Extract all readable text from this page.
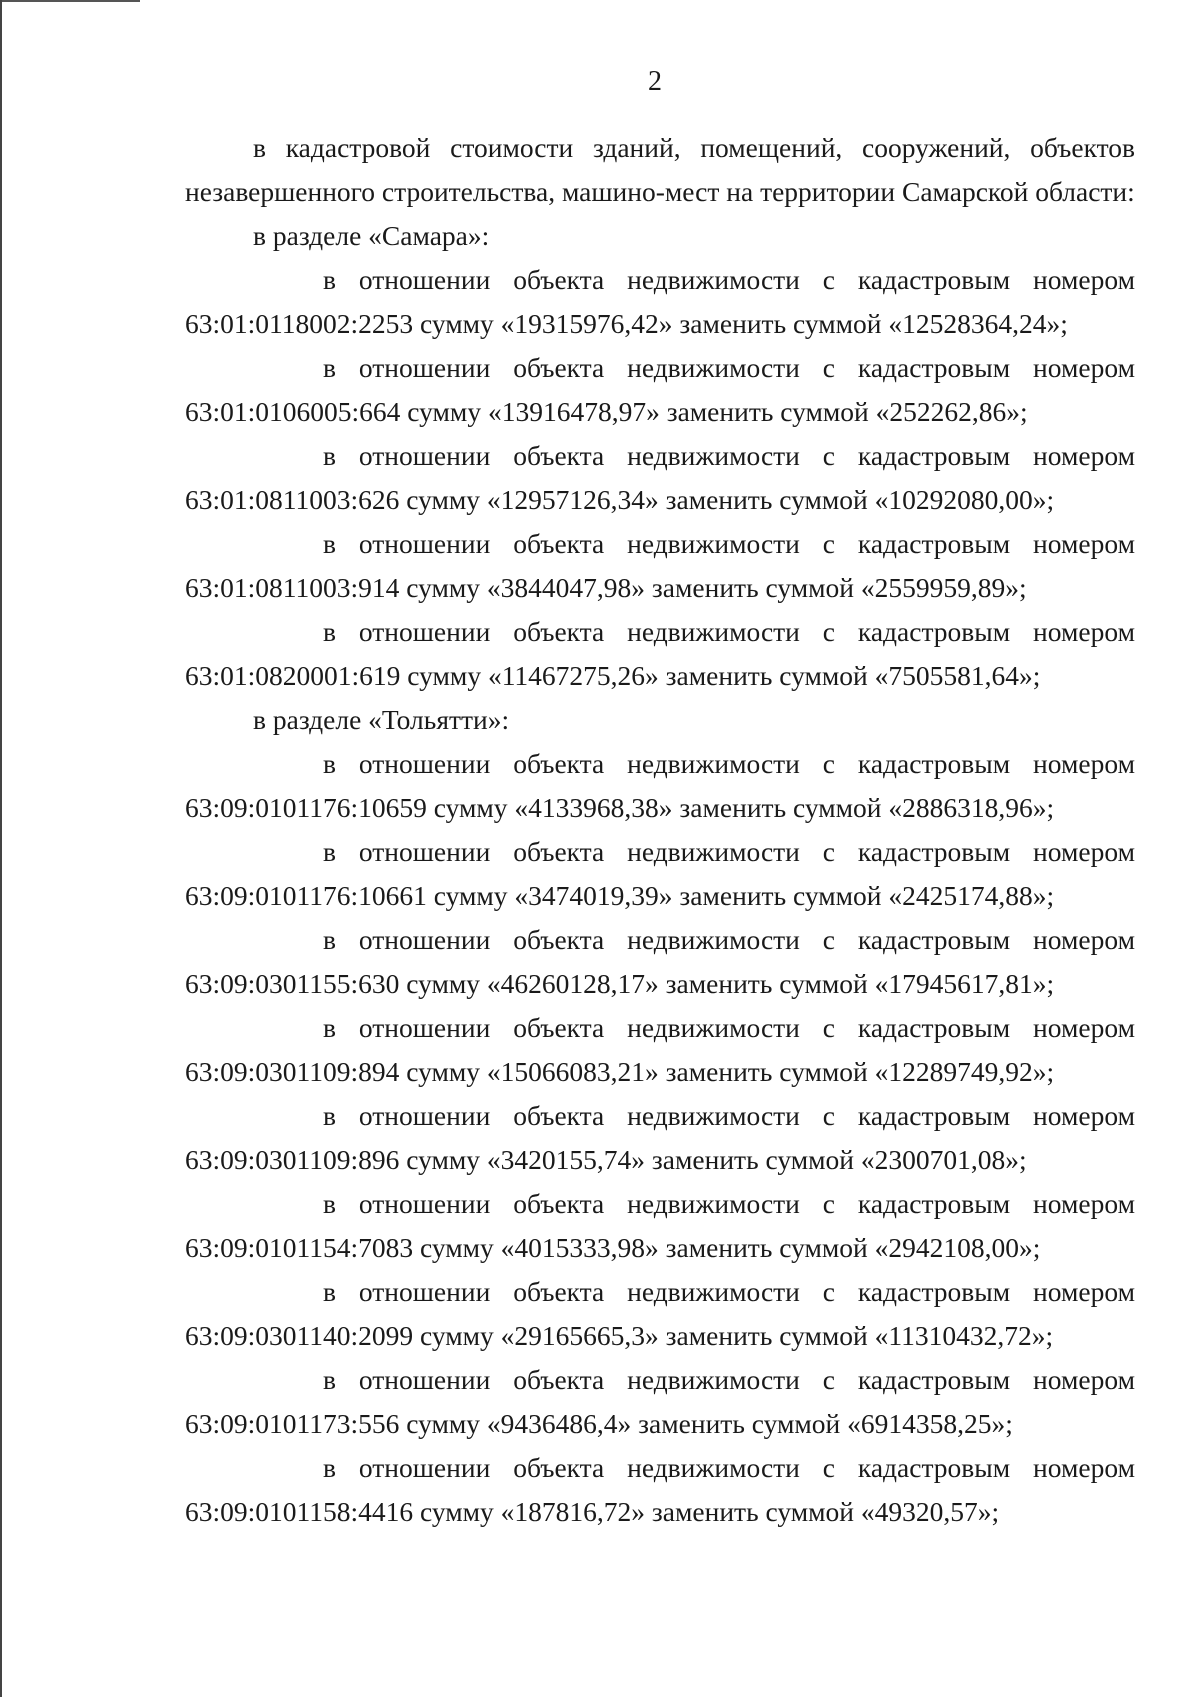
2

в кадастровой стоимости зданий, помещений, сооружений, объектов незавершенного строительства, машино-мест на территории Самарской области:

в разделе «Самара»:

в отношении объекта недвижимости с кадастровым номером
63:01:0118002:2253 сумму «19315976,42» заменить суммой «12528364,24»;

в отношении объекта недвижимости с кадастровым номером
63:01:0106005:664 сумму «13916478,97» заменить суммой «252262,86»;

в отношении объекта недвижимости с кадастровым номером
63:01:0811003:626 сумму «12957126,34» заменить суммой «10292080,00»;

в отношении объекта недвижимости с кадастровым номером
63:01:0811003:914 сумму «3844047,98» заменить суммой «2559959,89»;

в отношении объекта недвижимости с кадастровым номером
63:01:0820001:619 сумму «11467275,26» заменить суммой «7505581,64»;

в разделе «Тольятти»:

в отношении объекта недвижимости с кадастровым номером
63:09:0101176:10659 сумму «4133968,38» заменить суммой «2886318,96»;

в отношении объекта недвижимости с кадастровым номером
63:09:0101176:10661 сумму «3474019,39» заменить суммой «2425174,88»;

в отношении объекта недвижимости с кадастровым номером
63:09:0301155:630 сумму «46260128,17» заменить суммой «17945617,81»;

в отношении объекта недвижимости с кадастровым номером
63:09:0301109:894 сумму «15066083,21» заменить суммой «12289749,92»;

в отношении объекта недвижимости с кадастровым номером
63:09:0301109:896 сумму «3420155,74» заменить суммой «2300701,08»;

в отношении объекта недвижимости с кадастровым номером
63:09:0101154:7083 сумму «4015333,98» заменить суммой «2942108,00»;

в отношении объекта недвижимости с кадастровым номером
63:09:0301140:2099 сумму «29165665,3» заменить суммой «11310432,72»;

в отношении объекта недвижимости с кадастровым номером
63:09:0101173:556 сумму «9436486,4» заменить суммой «6914358,25»;

в отношении объекта недвижимости с кадастровым номером
63:09:0101158:4416 сумму «187816,72» заменить суммой «49320,57»;
